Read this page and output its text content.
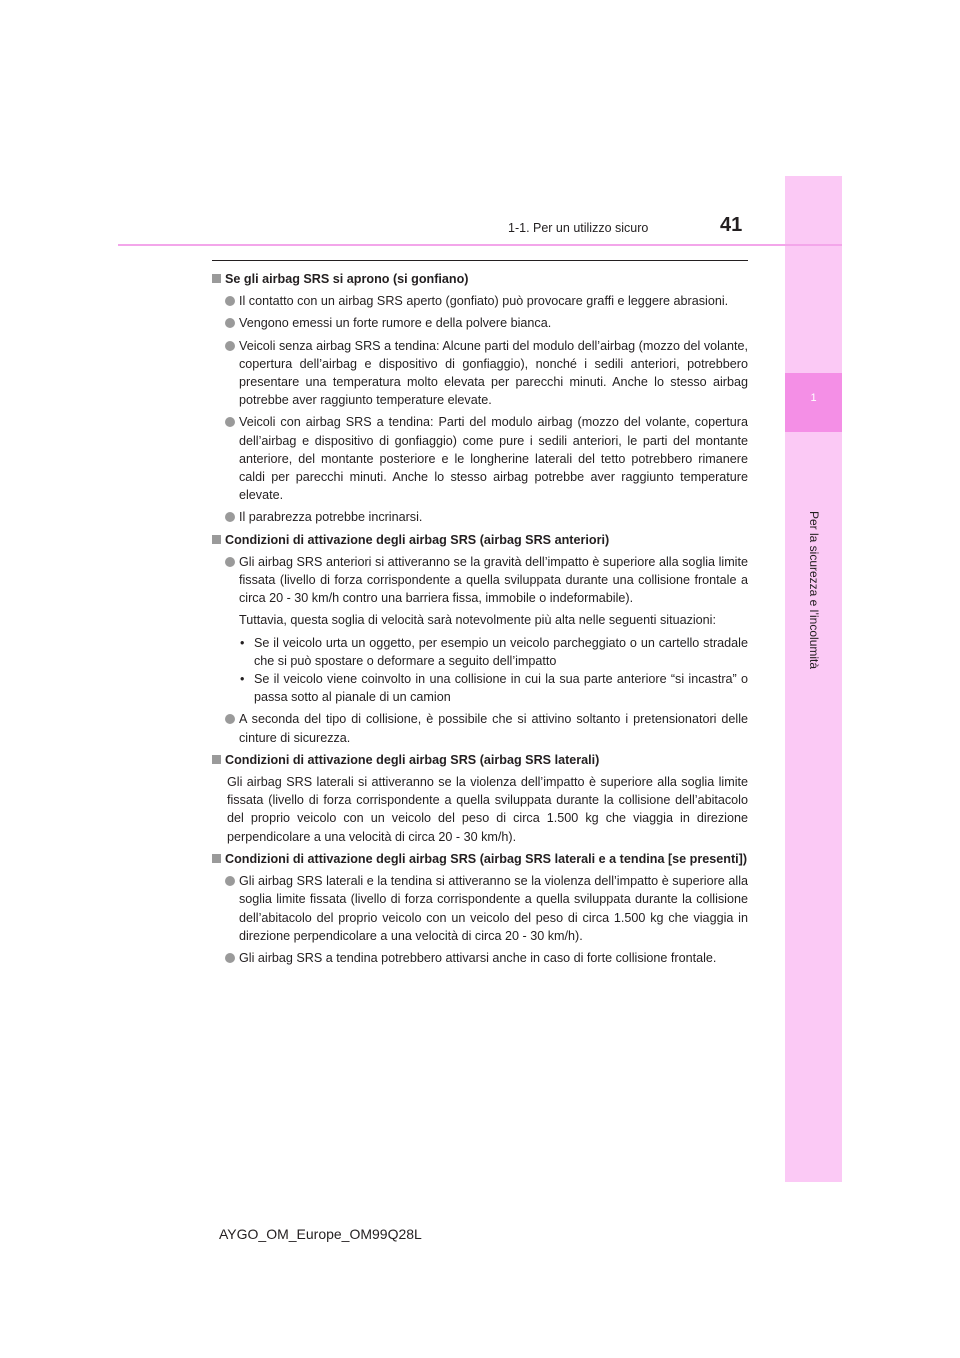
1
Per la sicurezza e l’incolumità
1-1. Per un utilizzo sicuro	41
Se gli airbag SRS si aprono (si gonfiano)
Il contatto con un airbag SRS aperto (gonfiato) può provocare graffi e leggere abrasioni.
Vengono emessi un forte rumore e della polvere bianca.
Veicoli senza airbag SRS a tendina: Alcune parti del modulo dell’airbag (mozzo del volante, copertura dell’airbag e dispositivo di gonfiaggio), nonché i sedili anteriori, potrebbero presentare una temperatura molto elevata per parecchi minuti. Anche lo stesso airbag potrebbe aver raggiunto temperature elevate.
Veicoli con airbag SRS a tendina: Parti del modulo airbag (mozzo del volante, copertura dell’airbag e dispositivo di gonfiaggio) come pure i sedili anteriori, le parti del montante anteriore, del montante posteriore e le longherine laterali del tetto potrebbero rimanere caldi per parecchi minuti. Anche lo stesso airbag potrebbe aver raggiunto temperature elevate.
Il parabrezza potrebbe incrinarsi.
Condizioni di attivazione degli airbag SRS (airbag SRS anteriori)
Gli airbag SRS anteriori si attiveranno se la gravità dell’impatto è superiore alla soglia limite fissata (livello di forza corrispondente a quella sviluppata durante una collisione frontale a circa 20 - 30 km/h contro una barriera fissa, immobile o indeformabile).
Tuttavia, questa soglia di velocità sarà notevolmente più alta nelle seguenti situazioni:
• Se il veicolo urta un oggetto, per esempio un veicolo parcheggiato o un cartello stradale che si può spostare o deformare a seguito dell’impatto
• Se il veicolo viene coinvolto in una collisione in cui la sua parte anteriore “si incastra” o passa sotto al pianale di un camion
A seconda del tipo di collisione, è possibile che si attivino soltanto i pretensionatori delle cinture di sicurezza.
Condizioni di attivazione degli airbag SRS (airbag SRS laterali)
Gli airbag SRS laterali si attiveranno se la violenza dell’impatto è superiore alla soglia limite fissata (livello di forza corrispondente a quella sviluppata durante la collisione dell’abitacolo del proprio veicolo con un veicolo del peso di circa 1.500 kg che viaggia in direzione perpendicolare a una velocità di circa 20 - 30 km/h).
Condizioni di attivazione degli airbag SRS (airbag SRS laterali e a tendina [se presenti])
Gli airbag SRS laterali e la tendina si attiveranno se la violenza dell’impatto è superiore alla soglia limite fissata (livello di forza corrispondente a quella sviluppata durante la collisione dell’abitacolo del proprio veicolo con un veicolo del peso di circa 1.500 kg che viaggia in direzione perpendicolare a una velocità di circa 20 - 30 km/h).
Gli airbag SRS a tendina potrebbero attivarsi anche in caso di forte collisione frontale.
AYGO_OM_Europe_OM99Q28L
